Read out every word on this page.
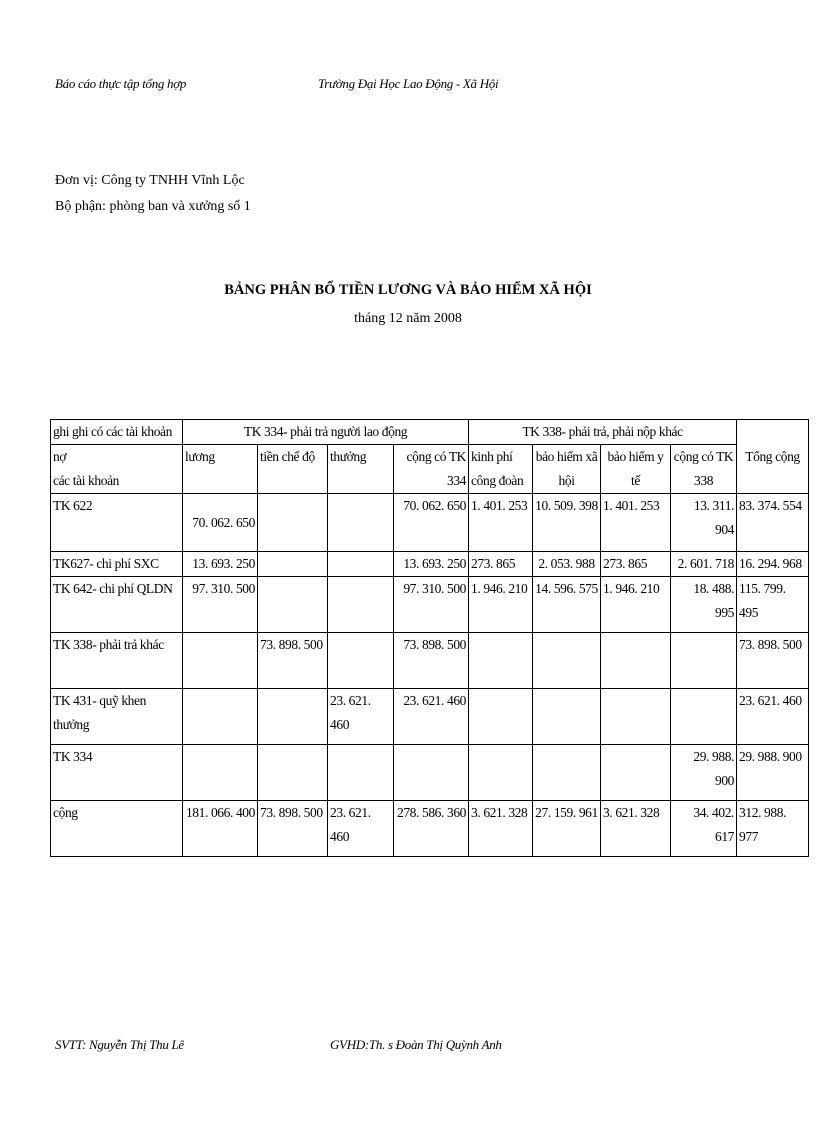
Báo cáo thực tập tổng hợp	Trường Đại Học Lao Động - Xã Hội
Đơn vị: Công ty TNHH Vĩnh Lộc
Bộ phận: phòng ban và xưởng số 1
BẢNG PHÂN BỔ TIỀN LƯƠNG VÀ BẢO HIỂM XÃ HỘI
tháng 12 năm 2008
ghi ghi có các tài khoản	TK 334- phải trả người lao động				TK 338- phải trả, phải nộp khác				Tổng cộng

nợ
các tài khoản	lương	tiền chế độ	thưởng	cộng có TK 334	kinh phí công đoàn	bảo hiểm xã hội	bảo hiểm y tế	cộng có TK 338	
TK 622	70. 062. 650			70. 062. 650	1. 401. 253	10. 509. 398	1. 401. 253	13. 311. 904	83. 374. 554
TK627- chi phí SXC	13. 693. 250			13. 693. 250	273. 865	2. 053. 988	273. 865	2. 601. 718	16. 294. 968
TK 642- chi phí QLDN	97. 310. 500			97. 310. 500	1. 946. 210	14. 596. 575	1. 946. 210	18. 488. 995	115. 799. 495
TK 338- phải trả khác		73. 898. 500		73. 898. 500					73. 898. 500
TK 431- quỹ khen thưởng			23. 621. 460	23. 621. 460					23. 621. 460
TK 334								29. 988. 900	29. 988. 900
cộng	181. 066. 400	73. 898. 500	23. 621. 460	278. 586. 360	3. 621. 328	27. 159. 961	3. 621. 328	34. 402. 617	312. 988. 977
SVTT: Nguyễn Thị Thu Lê	GVHD:Th. s Đoàn Thị Quỳnh Anh
